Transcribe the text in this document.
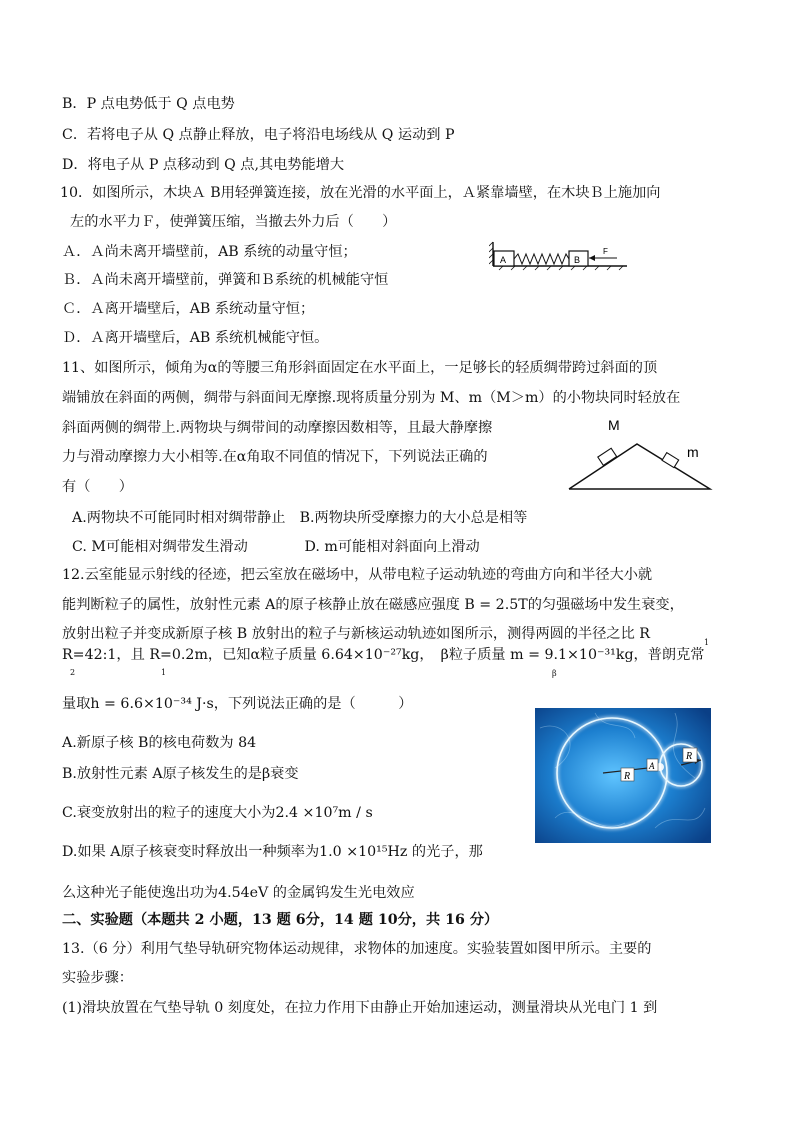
B．P 点电势低于 Q 点电势
C．若将电子从 Q 点静止释放，电子将沿电场线从 Q 运动到 P
D．将电子从 P 点移动到 Q 点,其电势能增大
10．如图所示，木块Ａ B用轻弹簧连接，放在光滑的水平面上，Ａ紧靠墙壁，在木块Ｂ上施加向
左的水平力Ｆ，使弹簧压缩，当撤去外力后（　　）
Ａ．Ａ尚未离开墙壁前，AB 系统的动量守恒；
Ｂ．Ａ尚未离开墙壁前，弹簧和Ｂ系统的机械能守恒
Ｃ．Ａ离开墙壁后，AB 系统动量守恒；
Ｄ．Ａ离开墙壁后，AB 系统机械能守恒。
11、如图所示，倾角为α的等腰三角形斜面固定在水平面上，一足够长的轻质绸带跨过斜面的顶
端铺放在斜面的两侧，绸带与斜面间无摩擦.现将质量分别为 M、m（M＞m）的小物块同时轻放在
斜面两侧的绸带上.两物块与绸带间的动摩擦因数相等，且最大静摩擦
力与滑动摩擦力大小相等.在α角取不同值的情况下，下列说法正确的
有（　　）
A.两物块不可能同时相对绸带静止　B.两物块所受摩擦力的大小总是相等
C. M可能相对绸带发生滑动　　　　D. m可能相对斜面向上滑动
12.云室能显示射线的径迹，把云室放在磁场中，从带电粒子运动轨迹的弯曲方向和半径大小就
能判断粒子的属性，放射性元素 A的原子核静止放在磁感应强度 B = 2.5T的匀强磁场中发生衰变，
放射出粒子并变成新原子核 B 放射出的粒子与新核运动轨迹如图所示，测得两圆的半径之比 R
R=42:1，且 R=0.2m，已知α粒子质量 6.64×10⁻²⁷kg，　β粒子质量 m = 9.1×10⁻³¹kg，普朗克常
2	1	β
1
量取h = 6.6×10⁻³⁴ J·s，下列说法正确的是（　　　）
A.新原子核 B的核电荷数为 84
B.放射性元素 A原子核发生的是β衰变
C.衰变放射出的粒子的速度大小为2.4 ×10⁷m / s
D.如果 A原子核衰变时释放出一种频率为1.0 ×10¹⁵Hz 的光子，那
么这种光子能使逸出功为4.54eV 的金属钨发生光电效应
二、实验题（本题共 2 小题，13 题 6分，14 题 10分，共 16 分）
13.（6 分）利用气垫导轨研究物体运动规律，求物体的加速度。实验装置如图甲所示。主要的
实验步骤：
(1)滑块放置在气垫导轨 0 刻度处，在拉力作用下由静止开始加速运动，测量滑块从光电门 1 到
A	B
F
M
m
R
A
R
